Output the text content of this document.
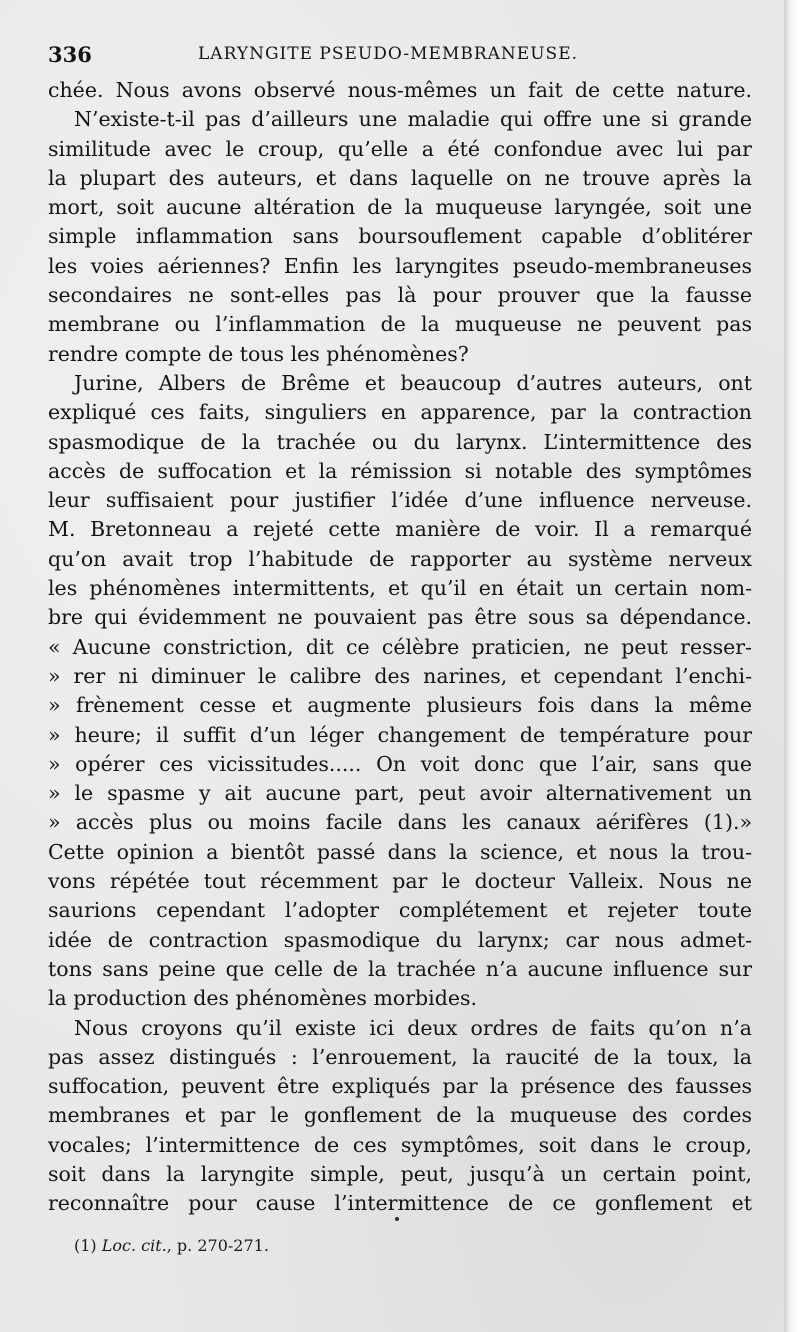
336	LARYNGITE PSEUDO-MEMBRANEUSE.
chée. Nous avons observé nous-mêmes un fait de cette nature.
N’existe-t-il pas d’ailleurs une maladie qui offre une si grande
similitude avec le croup, qu’elle a été confondue avec lui par
la plupart des auteurs, et dans laquelle on ne trouve après la
mort, soit aucune altération de la muqueuse laryngée, soit une
simple inflammation sans boursouflement capable d’oblitérer
les voies aériennes? Enfin les laryngites pseudo-membraneuses
secondaires ne sont-elles pas là pour prouver que la fausse
membrane ou l’inflammation de la muqueuse ne peuvent pas
rendre compte de tous les phénomènes?
Jurine, Albers de Brême et beaucoup d’autres auteurs, ont
expliqué ces faits, singuliers en apparence, par la contraction
spasmodique de la trachée ou du larynx. L’intermittence des
accès de suffocation et la rémission si notable des symptômes
leur suffisaient pour justifier l’idée d’une influence nerveuse.
M. Bretonneau a rejeté cette manière de voir. Il a remarqué
qu’on avait trop l’habitude de rapporter au système nerveux
les phénomènes intermittents, et qu’il en était un certain nom-
bre qui évidemment ne pouvaient pas être sous sa dépendance.
« Aucune constriction, dit ce célèbre praticien, ne peut resser-
» rer ni diminuer le calibre des narines, et cependant l’enchi-
» frènement cesse et augmente plusieurs fois dans la même
» heure; il suffit d’un léger changement de température pour
» opérer ces vicissitudes..... On voit donc que l’air, sans que
» le spasme y ait aucune part, peut avoir alternativement un
» accès plus ou moins facile dans les canaux aérifères (1).»
Cette opinion a bientôt passé dans la science, et nous la trou-
vons répétée tout récemment par le docteur Valleix. Nous ne
saurions cependant l’adopter complétement et rejeter toute
idée de contraction spasmodique du larynx; car nous admet-
tons sans peine que celle de la trachée n’a aucune influence sur
la production des phénomènes morbides.
Nous croyons qu’il existe ici deux ordres de faits qu’on n’a
pas assez distingués : l’enrouement, la raucité de la toux, la
suffocation, peuvent être expliqués par la présence des fausses
membranes et par le gonflement de la muqueuse des cordes
vocales; l’intermittence de ces symptômes, soit dans le croup,
soit dans la laryngite simple, peut, jusqu’à un certain point,
reconnaître pour cause l’intermittence de ce gonflement et
(1) Loc. cit., p. 270-271.
